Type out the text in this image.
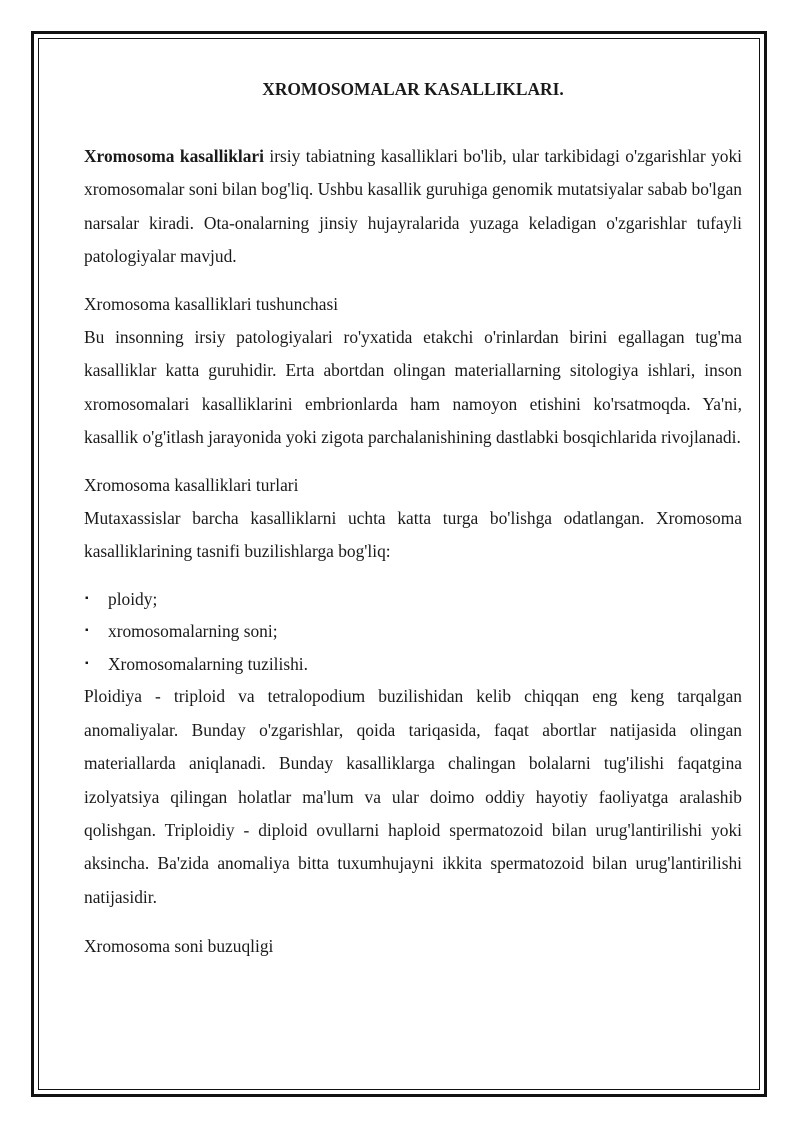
XROMOSOMALAR KASALLIKLARI.

Xromosoma kasalliklari irsiy tabiatning kasalliklari bo'lib, ular tarkibidagi o'zgarishlar yoki xromosomalar soni bilan bog'liq. Ushbu kasallik guruhiga genomik mutatsiyalar sabab bo'lgan narsalar kiradi. Ota-onalarning jinsiy hujayralarida yuzaga keladigan o'zgarishlar tufayli patologiyalar mavjud.

Xromosoma kasalliklari tushunchasi

Bu insonning irsiy patologiyalari ro'yxatida etakchi o'rinlardan birini egallagan tug'ma kasalliklar katta guruhidir. Erta abortdan olingan materiallarning sitologiya ishlari, inson xromosomalari kasalliklarini embrionlarda ham namoyon etishini ko'rsatmoqda. Ya'ni, kasallik o'g'itlash jarayonida yoki zigota parchalanishining dastlabki bosqichlarida rivojlanadi.

Xromosoma kasalliklari turlari

Mutaxassislar barcha kasalliklarni uchta katta turga bo'lishga odatlangan. Xromosoma kasalliklarining tasnifi buzilishlarga bog'liq:

▪ ploidy;
▪ xromosomalarning soni;
▪ Xromosomalarning tuzilishi.

Ploidiya - triploid va tetralopodium buzilishidan kelib chiqqan eng keng tarqalgan anomaliyalar. Bunday o'zgarishlar, qoida tariqasida, faqat abortlar natijasida olingan materiallarda aniqlanadi. Bunday kasalliklarga chalingan bolalarni tug'ilishi faqatgina izolyatsiya qilingan holatlar ma'lum va ular doimo oddiy hayotiy faoliyatga aralashib qolishgan. Triploidiy - diploid ovullarni haploid spermatozoid bilan urug'lantirilishi yoki aksincha. Ba'zida anomaliya bitta tuxumhujayni ikkita spermatozoid bilan urug'lantirilishi natijasidir.

Xromosoma soni buzuqligi
